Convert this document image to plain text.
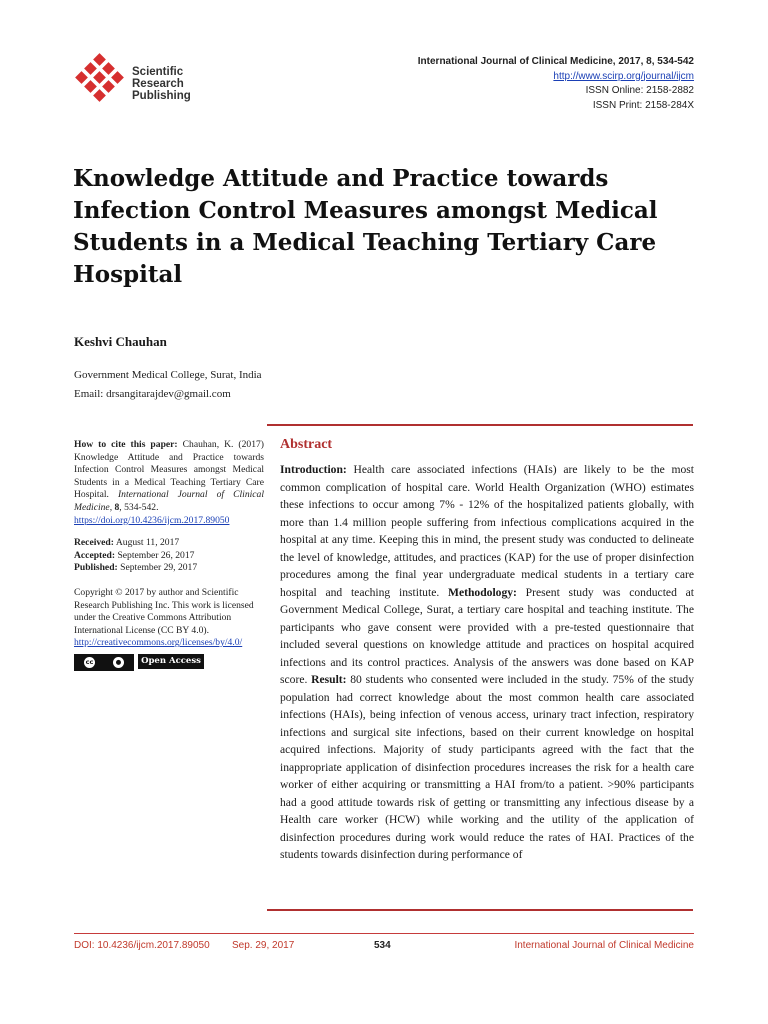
Scientific
Research
Publishing
International Journal of Clinical Medicine, 2017, 8, 534-542
http://www.scirp.org/journal/ijcm
ISSN Online: 2158-2882
ISSN Print: 2158-284X
Knowledge Attitude and Practice towards Infection Control Measures amongst Medical Students in a Medical Teaching Tertiary Care Hospital
Keshvi Chauhan
Government Medical College, Surat, India
Email: drsangitarajdev@gmail.com

How to cite this paper: Chauhan, K. (2017) Knowledge Attitude and Practice towards Infection Control Measures amongst Medical Students in a Medical Teaching Tertiary Care Hospital. International Journal of Clinical Medicine, 8, 534-542.
https://doi.org/10.4236/ijcm.2017.89050

Received: August 11, 2017
Accepted: September 26, 2017
Published: September 29, 2017

Copyright © 2017 by author and Scientific Research Publishing Inc. This work is licensed under the Creative Commons Attribution International License (CC BY 4.0).
http://creativecommons.org/licenses/by/4.0/

cc	●	Open Access
Abstract

Introduction: Health care associated infections (HAIs) are likely to be the most common complication of hospital care. World Health Organization (WHO) estimates these infections to occur among 7% - 12% of the hospitalized patients globally, with more than 1.4 million people suffering from infectious complications acquired in the hospital at any time. Keeping this in mind, the present study was conducted to delineate the level of knowledge, attitudes, and practices (KAP) for the use of proper disinfection procedures among the final year undergraduate medical students in a tertiary care hospital and teaching institute. Methodology: Present study was conducted at Government Medical College, Surat, a tertiary care hospital and teaching institute. The participants who gave consent were provided with a pre-tested questionnaire that included several questions on knowledge attitude and practices on hospital acquired infections and its control practices. Analysis of the answers was done based on KAP score. Result: 80 students who consented were included in the study. 75% of the study population had correct knowledge about the most common health care associated infections (HAIs), being infection of venous access, urinary tract infection, respiratory infections and surgical site infections, based on their current knowledge on hospital acquired infections. Majority of study participants agreed with the fact that the inappropriate application of disinfection procedures increases the risk for a health care worker of either acquiring or transmitting a HAI from/to a patient. >90% participants had a good attitude towards risk of getting or transmitting any infectious disease by a Health care worker (HCW) while working and the utility of the application of disinfection procedures during work would reduce the rates of HAI. Practices of the students towards disinfection during performance of

DOI: 10.4236/ijcm.2017.89050 Sep. 29, 2017	534	International Journal of Clinical Medicine
